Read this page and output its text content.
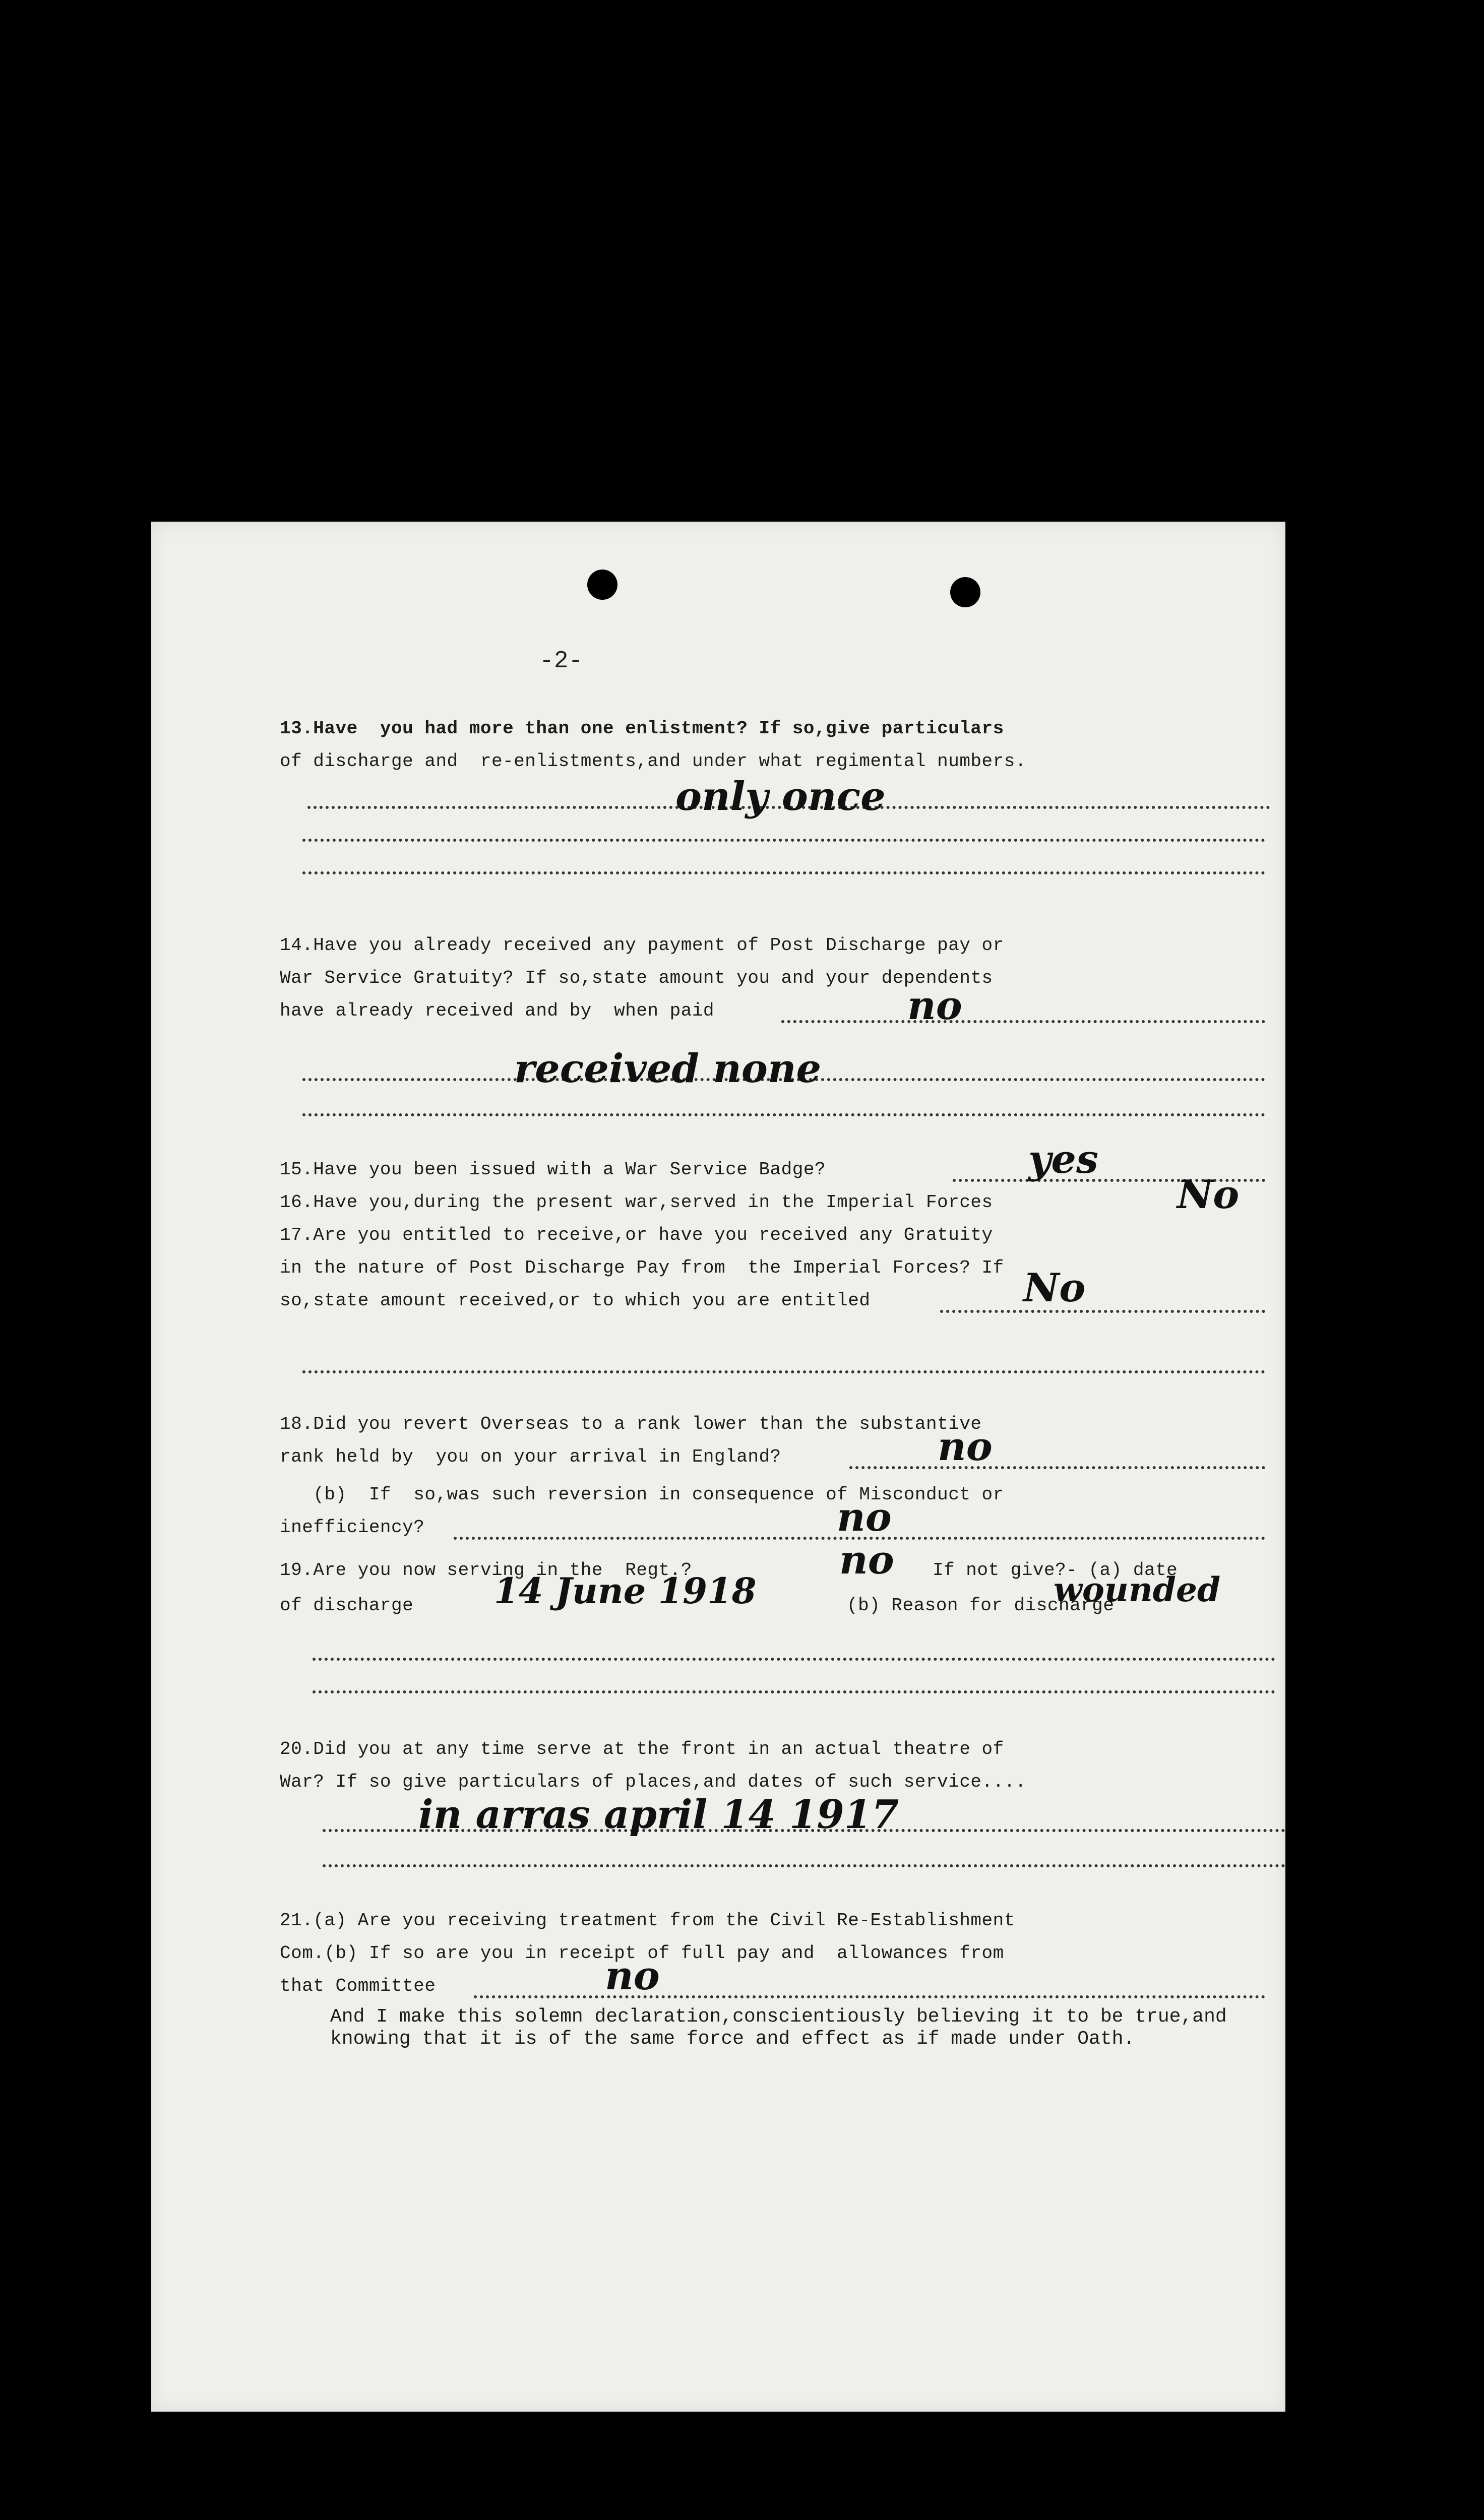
-2-
13.Have  you had more than one enlistment? If so,give particulars
of discharge and  re-enlistments,and under what regimental numbers.
only once
14.Have you already received any payment of Post Discharge pay or
War Service Gratuity? If so,state amount you and your dependents
have already received and by  when paid	no
received none
15.Have you been issued with a War Service Badge?	yes
16.Have you,during the present war,served in the Imperial Forces	No
17.Are you entitled to receive,or have you received any Gratuity
in the nature of Post Discharge Pay from  the Imperial Forces? If
so,state amount received,or to which you are entitled	No
18.Did you revert Overseas to a rank lower than the substantive
rank held by  you on your arrival in England?	no
(b)  If  so,was such reversion in consequence of Misconduct or
inefficiency?	no
19.Are you now serving in the  Regt.?	no If not give?- (a) date
of discharge	14 June 1918	(b) Reason for discharge
wounded
20.Did you at any time serve at the front in an actual theatre of
War? If so give particulars of places,and dates of such service....
in arras april 14 1917
21.(a) Are you receiving treatment from the Civil Re-Establishment
Com.(b) If so are you in receipt of full pay and  allowances from
that Committee	no
And I make this solemn declaration,conscientiously believing it to be true,and knowing that it is of the same force and effect as if made under Oath.
